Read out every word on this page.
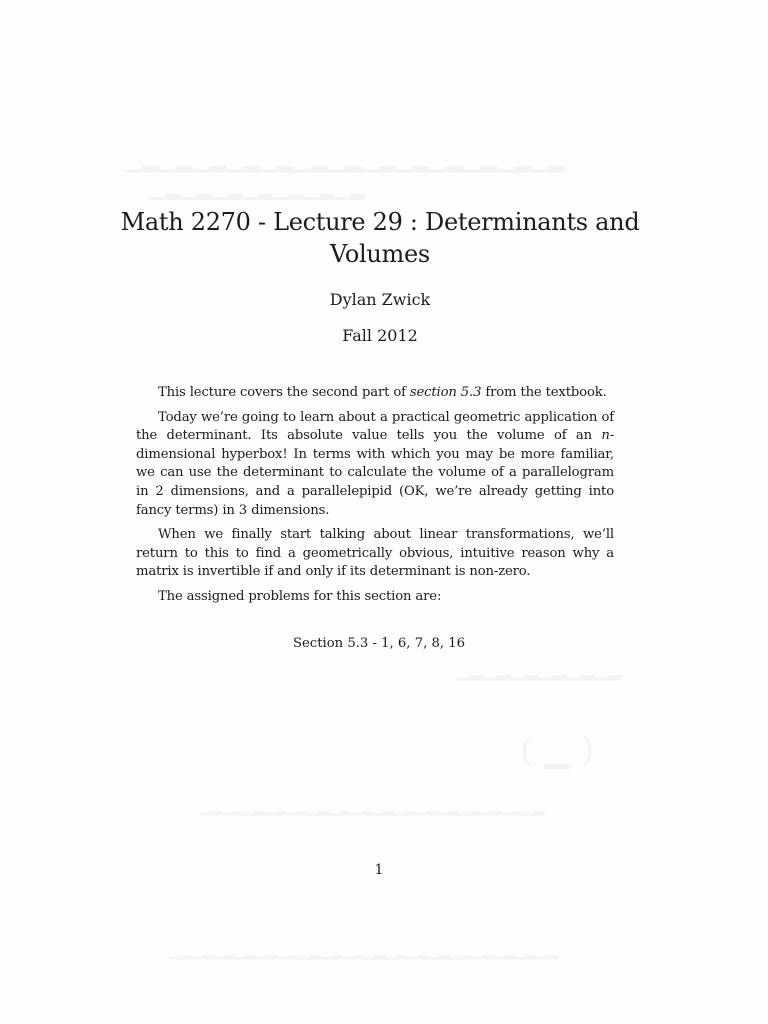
Math 2270 - Lecture 29 : Determinants and Volumes

Dylan Zwick

Fall 2012

This lecture covers the second part of section 5.3 from the textbook.

Today we’re going to learn about a practical geometric application of the determinant. Its absolute value tells you the volume of an n-dimensional hyperbox! In terms with which you may be more familiar, we can use the determinant to calculate the volume of a parallelogram in 2 dimensions, and a parallelepipid (OK, we’re already getting into fancy terms) in 3 dimensions.

When we finally start talking about linear transformations, we’ll return to this to find a geometrically obvious, intuitive reason why a matrix is invertible if and only if its determinant is non-zero.

The assigned problems for this section are:

Section 5.3 - 1, 6, 7, 8, 16

1
